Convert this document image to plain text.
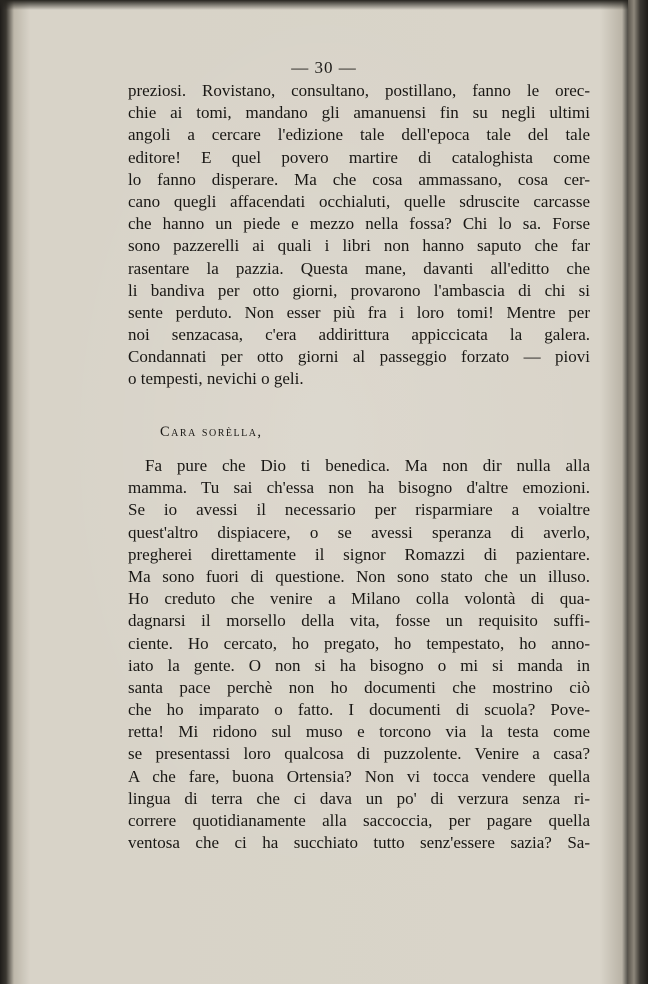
— 30 —
preziosi. Rovistano, consultano, postillano, fanno le orec-
chie ai tomi, mandano gli amanuensi fin su negli ultimi
angoli a cercare l'edizione tale dell'epoca tale del tale
editore! E quel povero martire di cataloghista come
lo fanno disperare. Ma che cosa ammassano, cosa cer-
cano quegli affacendati occhialuti, quelle sdruscite carcasse
che hanno un piede e mezzo nella fossa? Chi lo sa. Forse
sono pazzerelli ai quali i libri non hanno saputo che far
rasentare la pazzia. Questa mane, davanti all'editto che
li bandiva per otto giorni, provarono l'ambascia di chi si
sente perduto. Non esser più fra i loro tomi! Mentre per
noi senzacasa, c'era addirittura appiccicata la galera.
Condannati per otto giorni al passeggio forzato — piovi
o tempesti, nevichi o geli.
Cara sorèlla,
Fa pure che Dio ti benedica. Ma non dir nulla alla
mamma. Tu sai ch'essa non ha bisogno d'altre emozioni.
Se io avessi il necessario per risparmiare a voialtre
quest'altro dispiacere, o se avessi speranza di averlo,
pregherei direttamente il signor Romazzi di pazientare.
Ma sono fuori di questione. Non sono stato che un illuso.
Ho creduto che venire a Milano colla volontà di qua-
dagnarsi il morsello della vita, fosse un requisito suffi-
ciente. Ho cercato, ho pregato, ho tempestato, ho anno-
iato la gente. O non si ha bisogno o mi si manda in
santa pace perchè non ho documenti che mostrino ciò
che ho imparato o fatto. I documenti di scuola? Pove-
retta! Mi ridono sul muso e torcono via la testa come
se presentassi loro qualcosa di puzzolente. Venire a casa?
A che fare, buona Ortensia? Non vi tocca vendere quella
lingua di terra che ci dava un po' di verzura senza ri-
correre quotidianamente alla saccoccia, per pagare quella
ventosa che ci ha succhiato tutto senz'essere sazia? Sa-
